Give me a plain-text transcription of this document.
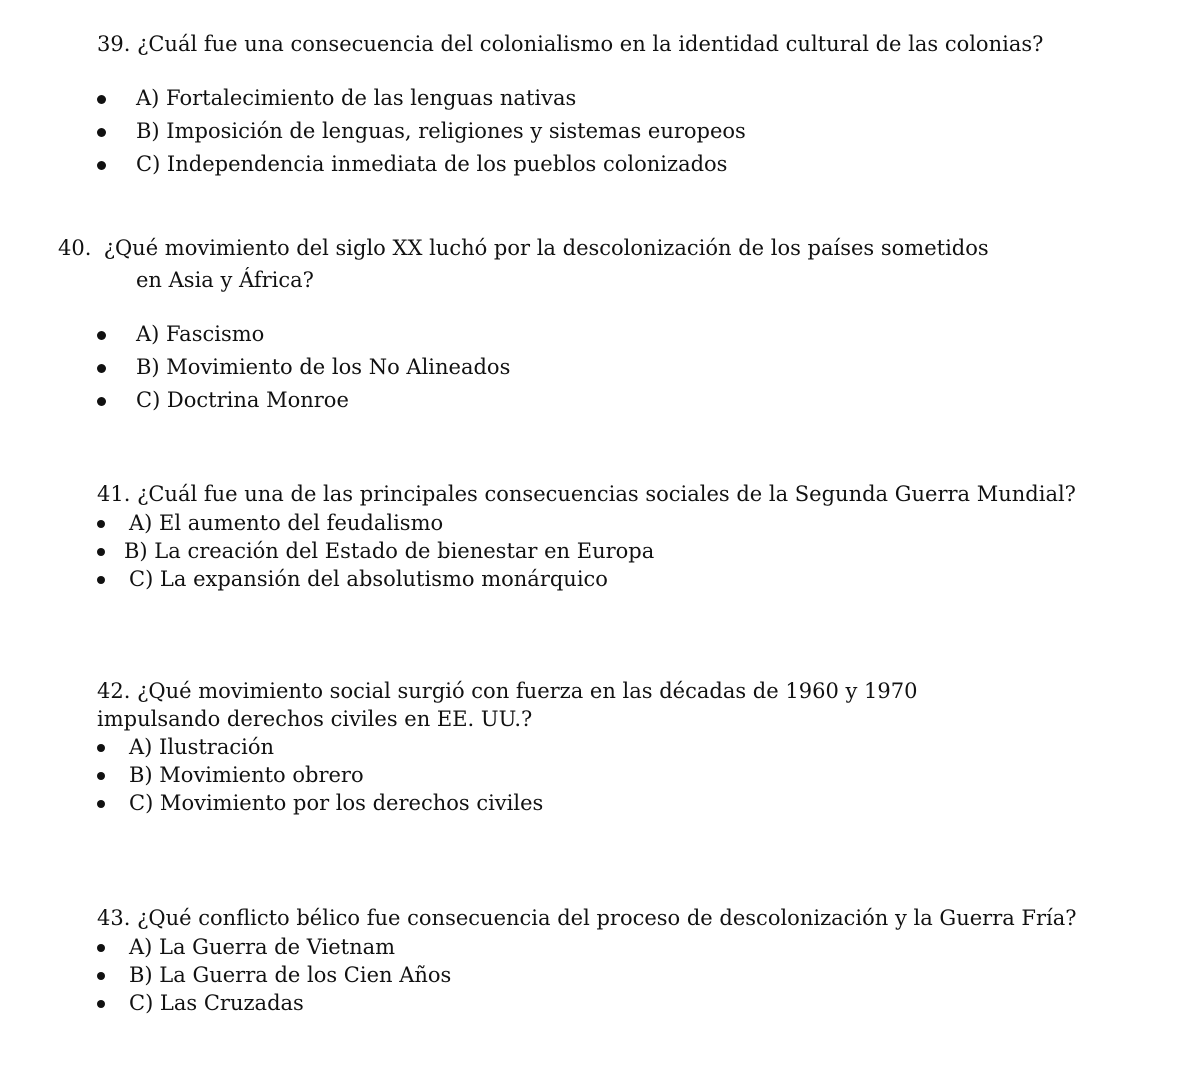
39. ¿Cuál fue una consecuencia del colonialismo en la identidad cultural de las colonias?

A) Fortalecimiento de las lenguas nativas
B) Imposición de lenguas, religiones y sistemas europeos
C) Independencia inmediata de los pueblos colonizados

40. ¿Qué movimiento del siglo XX luchó por la descolonización de los países sometidos en Asia y África?

A) Fascismo
B) Movimiento de los No Alineados
C) Doctrina Monroe

41. ¿Cuál fue una de las principales consecuencias sociales de la Segunda Guerra Mundial?

A) El aumento del feudalismo
B) La creación del Estado de bienestar en Europa
C) La expansión del absolutismo monárquico

42. ¿Qué movimiento social surgió con fuerza en las décadas de 1960 y 1970 impulsando derechos civiles en EE. UU.?

A) Ilustración
B) Movimiento obrero
C) Movimiento por los derechos civiles

43. ¿Qué conflicto bélico fue consecuencia del proceso de descolonización y la Guerra Fría?

A) La Guerra de Vietnam
B) La Guerra de los Cien Años
C) Las Cruzadas
